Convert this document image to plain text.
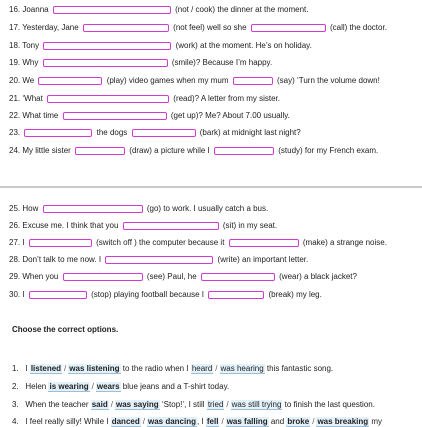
16. Joanna	(not / cook) the dinner at the moment.
17. Yesterday, Jane	(not feel) well so she	(call) the doctor.
18. Tony	(work) at the moment. He’s on holiday.
19. Why	(smile)? Because I’m happy.
20. We	(play) video games when my mum	(say) ‘Turn the volume down!
21. ‘What	(read)? A letter from my sister.
22. What time	(get up)? Me? About 7.00 usually.
23.	the dogs	(bark) at midnight last night?
24. My little sister	(draw) a picture while I	(study) for my French exam.
25. How	(go) to work. I usually catch a bus.
26. Excuse me. I think that you	(sit) in my seat.
27. I	(switch off ) the computer because it	(make) a strange noise.
28. Don’t talk to me now. I	(write) an important letter.
29. When you	(see) Paul, he	(wear) a black jacket?
30. I	(stop) playing football because I	(break) my leg.
Choose the correct options.
1. I listened / was listening to the radio when I heard / was hearing this fantastic song.
2. Helen is wearing / wears blue jeans and a T-shirt today.
3. When the teacher said / was saying ‘Stop!’, I still tried / was still trying to finish the last question.
4. I feel really silly! While I danced / was dancing, I fell / was falling and broke / was breaking my
